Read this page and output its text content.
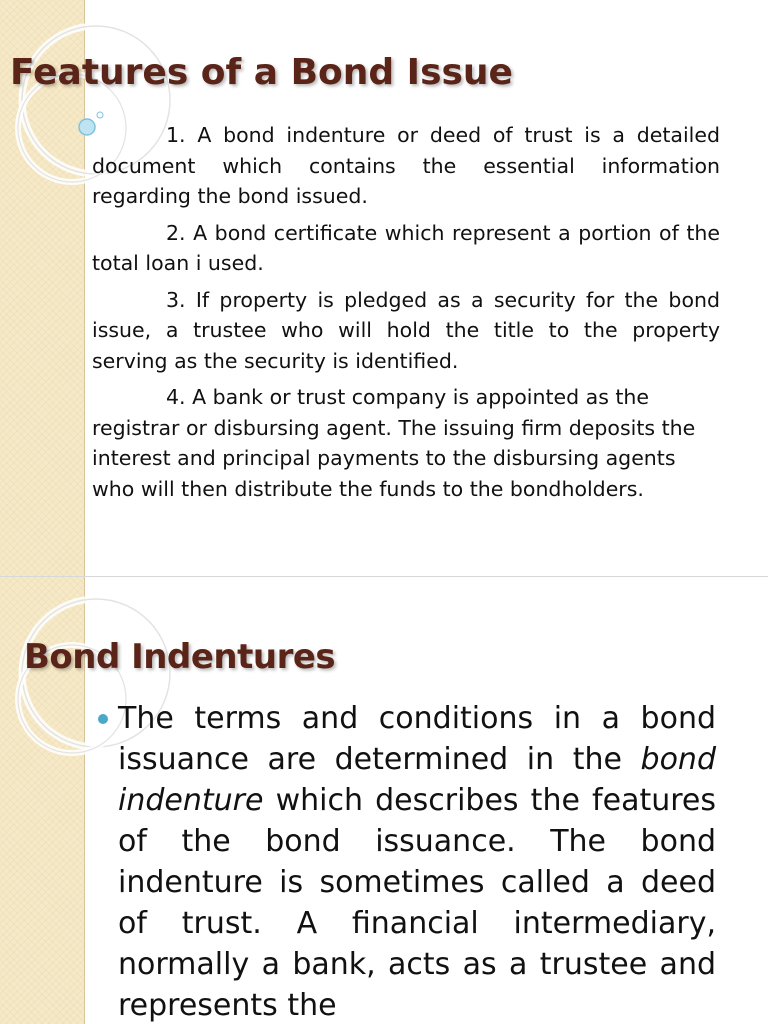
Features of a Bond Issue

1. A bond indenture or deed of trust is a detailed document which contains the essential information regarding the bond issued.

2. A bond certificate which represent a portion of the total loan i used.

3. If property is pledged as a security for the bond issue, a trustee who will hold the title to the property serving as the security is identified.

4. A bank or trust company is appointed as the registrar or disbursing agent. The issuing firm deposits the interest and principal payments to the disbursing agents who will then distribute the funds to the bondholders.

Bond Indentures
The terms and conditions in a bond issuance are determined in the bond indenture which describes the features of the bond issuance. The bond indenture is sometimes called a deed of trust. A financial intermediary, normally a bank, acts as a trustee and represents the
